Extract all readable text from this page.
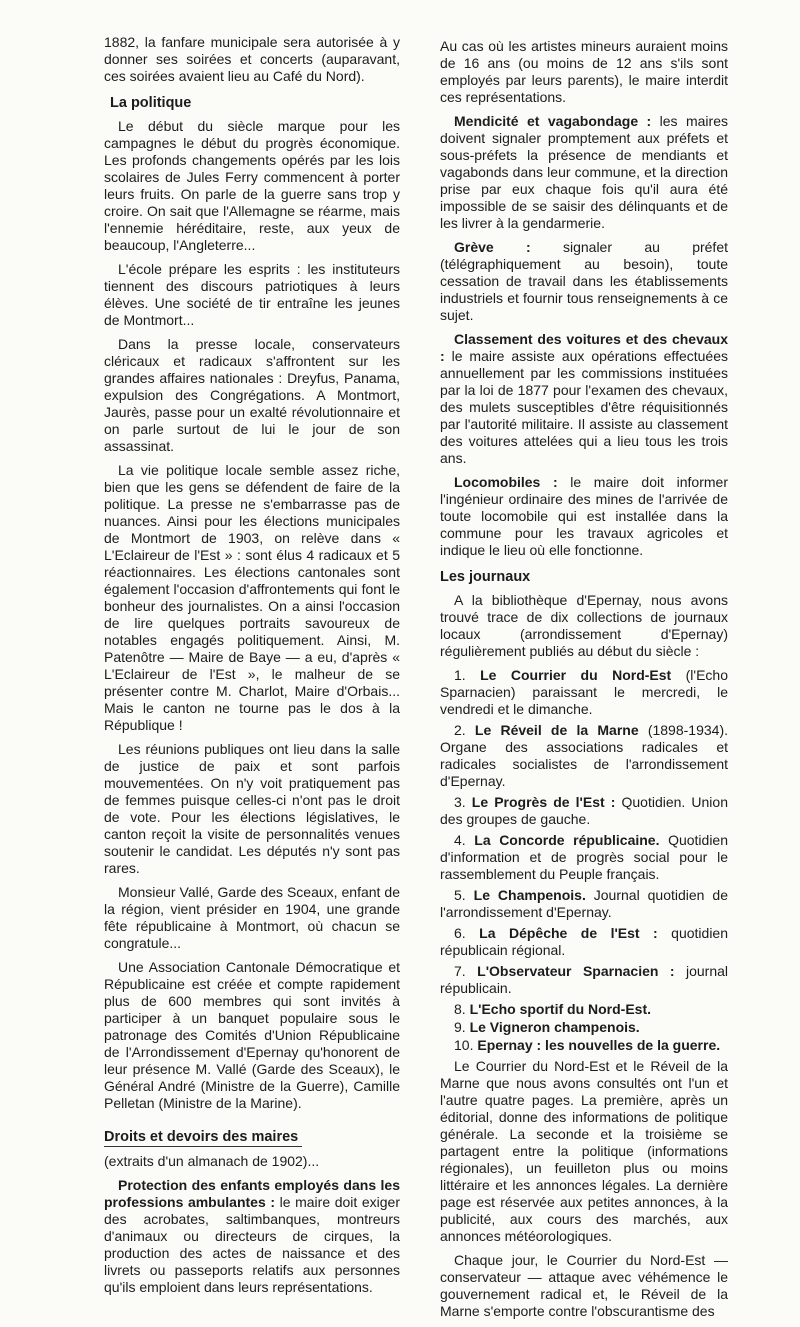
1882, la fanfare municipale sera autorisée à y donner ses soirées et concerts (auparavant, ces soirées avaient lieu au Café du Nord).

La politique

Le début du siècle marque pour les campagnes le début du progrès économique. Les profonds changements opérés par les lois scolaires de Jules Ferry commencent à porter leurs fruits. On parle de la guerre sans trop y croire. On sait que l'Allemagne se réarme, mais l'ennemie héréditaire, reste, aux yeux de beaucoup, l'Angleterre...

L'école prépare les esprits : les instituteurs tiennent des discours patriotiques à leurs élèves. Une société de tir entraîne les jeunes de Montmort...

Dans la presse locale, conservateurs cléricaux et radicaux s'affrontent sur les grandes affaires nationales : Dreyfus, Panama, expulsion des Congrégations. A Montmort, Jaurès, passe pour un exalté révolutionnaire et on parle surtout de lui le jour de son assassinat.

La vie politique locale semble assez riche, bien que les gens se défendent de faire de la politique. La presse ne s'embarrasse pas de nuances. Ainsi pour les élections municipales de Montmort de 1903, on relève dans « L'Eclaireur de l'Est » : sont élus 4 radicaux et 5 réactionnaires. Les élections cantonales sont également l'occasion d'affrontements qui font le bonheur des journalistes. On a ainsi l'occasion de lire quelques portraits savoureux de notables engagés politiquement. Ainsi, M. Patenôtre — Maire de Baye — a eu, d'après « L'Eclaireur de l'Est », le malheur de se présenter contre M. Charlot, Maire d'Orbais... Mais le canton ne tourne pas le dos à la République !

Les réunions publiques ont lieu dans la salle de justice de paix et sont parfois mouvementées. On n'y voit pratiquement pas de femmes puisque celles-ci n'ont pas le droit de vote. Pour les élections législatives, le canton reçoit la visite de personnalités venues soutenir le candidat. Les députés n'y sont pas rares.

Monsieur Vallé, Garde des Sceaux, enfant de la région, vient présider en 1904, une grande fête républicaine à Montmort, où chacun se congratule...

Une Association Cantonale Démocratique et Républicaine est créée et compte rapidement plus de 600 membres qui sont invités à participer à un banquet populaire sous le patronage des Comités d'Union Républicaine de l'Arrondissement d'Epernay qu'honorent de leur présence M. Vallé (Garde des Sceaux), le Général André (Ministre de la Guerre), Camille Pelletan (Ministre de la Marine).

Droits et devoirs des maires

(extraits d'un almanach de 1902)...

Protection des enfants employés dans les professions ambulantes : le maire doit exiger des acrobates, saltimbanques, montreurs d'animaux ou directeurs de cirques, la production des actes de naissance et des livrets ou passeports relatifs aux personnes qu'ils emploient dans leurs représentations.

Au cas où les artistes mineurs auraient moins de 16 ans (ou moins de 12 ans s'ils sont employés par leurs parents), le maire interdit ces représentations.

Mendicité et vagabondage : les maires doivent signaler promptement aux préfets et sous-préfets la présence de mendiants et vagabonds dans leur commune, et la direction prise par eux chaque fois qu'il aura été impossible de se saisir des délinquants et de les livrer à la gendarmerie.

Grève : signaler au préfet (télégraphiquement au besoin), toute cessation de travail dans les établissements industriels et fournir tous renseignements à ce sujet.

Classement des voitures et des chevaux : le maire assiste aux opérations effectuées annuellement par les commissions instituées par la loi de 1877 pour l'examen des chevaux, des mulets susceptibles d'être réquisitionnés par l'autorité militaire. Il assiste au classement des voitures attelées qui a lieu tous les trois ans.

Locomobiles : le maire doit informer l'ingénieur ordinaire des mines de l'arrivée de toute locomobile qui est installée dans la commune pour les travaux agricoles et indique le lieu où elle fonctionne.

Les journaux

A la bibliothèque d'Epernay, nous avons trouvé trace de dix collections de journaux locaux (arrondissement d'Epernay) régulièrement publiés au début du siècle :

1. Le Courrier du Nord-Est (l'Echo Sparnacien) paraissant le mercredi, le vendredi et le dimanche.
2. Le Réveil de la Marne (1898-1934). Organe des associations radicales et radicales socialistes de l'arrondissement d'Epernay.
3. Le Progrès de l'Est : Quotidien. Union des groupes de gauche.
4. La Concorde républicaine. Quotidien d'information et de progrès social pour le rassemblement du Peuple français.
5. Le Champenois. Journal quotidien de l'arrondissement d'Epernay.
6. La Dépêche de l'Est : quotidien républicain régional.
7. L'Observateur Sparnacien : journal républicain.
8. L'Echo sportif du Nord-Est.
9. Le Vigneron champenois.
10. Epernay : les nouvelles de la guerre.

Le Courrier du Nord-Est et le Réveil de la Marne que nous avons consultés ont l'un et l'autre quatre pages. La première, après un éditorial, donne des informations de politique générale. La seconde et la troisième se partagent entre la politique (informations régionales), un feuilleton plus ou moins littéraire et les annonces légales. La dernière page est réservée aux petites annonces, à la publicité, aux cours des marchés, aux annonces météorologiques.

Chaque jour, le Courrier du Nord-Est — conservateur — attaque avec véhémence le gouvernement radical et, le Réveil de la Marne s'emporte contre l'obscurantisme des
